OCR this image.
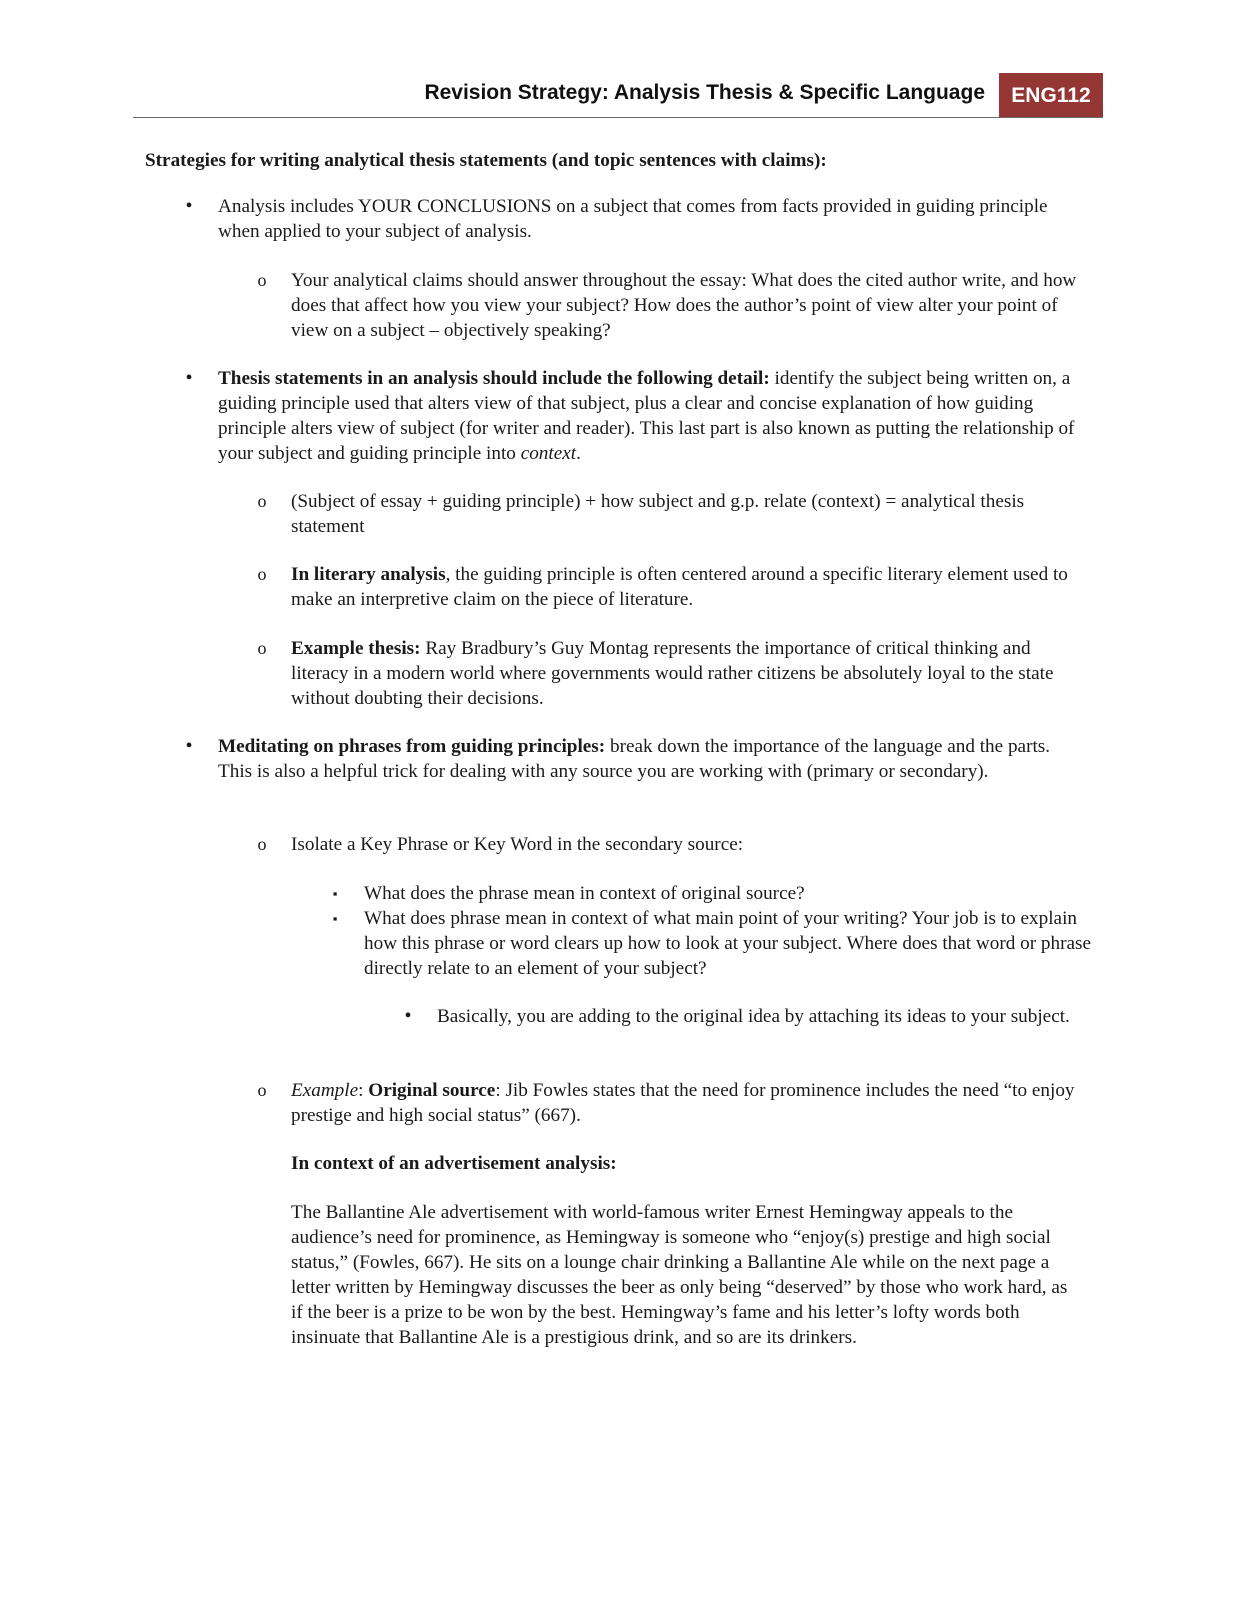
Revision Strategy: Analysis Thesis & Specific Language	ENG112
Strategies for writing analytical thesis statements (and topic sentences with claims):
• Analysis includes YOUR CONCLUSIONS on a subject that comes from facts provided in guiding principle when applied to your subject of analysis.
o Your analytical claims should answer throughout the essay: What does the cited author write, and how does that affect how you view your subject? How does the author’s point of view alter your point of view on a subject – objectively speaking?
• Thesis statements in an analysis should include the following detail: identify the subject being written on, a guiding principle used that alters view of that subject, plus a clear and concise explanation of how guiding principle alters view of subject (for writer and reader). This last part is also known as putting the relationship of your subject and guiding principle into context.
o (Subject of essay + guiding principle) + how subject and g.p. relate (context) = analytical thesis statement
o In literary analysis, the guiding principle is often centered around a specific literary element used to make an interpretive claim on the piece of literature.
o Example thesis: Ray Bradbury’s Guy Montag represents the importance of critical thinking and literacy in a modern world where governments would rather citizens be absolutely loyal to the state without doubting their decisions.
• Meditating on phrases from guiding principles: break down the importance of the language and the parts. This is also a helpful trick for dealing with any source you are working with (primary or secondary).
o Isolate a Key Phrase or Key Word in the secondary source:
▪ What does the phrase mean in context of original source?
▪ What does phrase mean in context of what main point of your writing? Your job is to explain how this phrase or word clears up how to look at your subject. Where does that word or phrase directly relate to an element of your subject?
• Basically, you are adding to the original idea by attaching its ideas to your subject.
o Example: Original source: Jib Fowles states that the need for prominence includes the need “to enjoy prestige and high social status” (667).
In context of an advertisement analysis:
The Ballantine Ale advertisement with world-famous writer Ernest Hemingway appeals to the audience’s need for prominence, as Hemingway is someone who “enjoy(s) prestige and high social status,” (Fowles, 667). He sits on a lounge chair drinking a Ballantine Ale while on the next page a letter written by Hemingway discusses the beer as only being “deserved” by those who work hard, as if the beer is a prize to be won by the best. Hemingway’s fame and his letter’s lofty words both insinuate that Ballantine Ale is a prestigious drink, and so are its drinkers.
